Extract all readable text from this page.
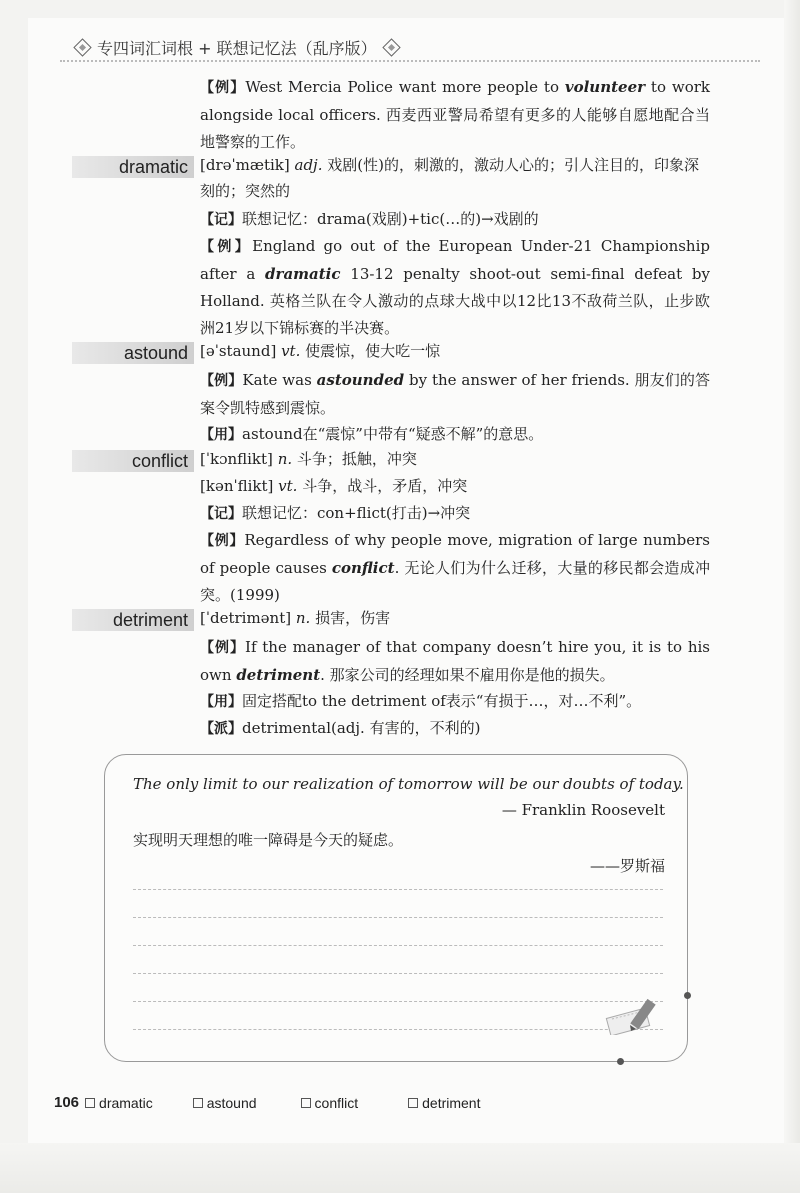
专四词汇词根 + 联想记忆法（乱序版）
【例】West Mercia Police want more people to volunteer to work alongside local officers. 西麦西亚警局希望有更多的人能够自愿地配合当地警察的工作。
dramatic [drəˈmætik] adj. 戏剧(性)的，刺激的，激动人心的；引人注目的，印象深刻的；突然的
【记】联想记忆：drama(戏剧)+tic(…的)→戏剧的
【例】England go out of the European Under-21 Championship after a dramatic 13-12 penalty shoot-out semi-final defeat by Holland. 英格兰队在令人激动的点球大战中以12比13不敌荷兰队，止步欧洲21岁以下锦标赛的半决赛。
astound [əˈstaund] vt. 使震惊，使大吃一惊
【例】Kate was astounded by the answer of her friends. 朋友们的答案令凯特感到震惊。
【用】astound在“震惊”中带有“疑惑不解”的意思。
conflict [ˈkɔnflikt] n. 斗争；抵触，冲突
[kənˈflikt] vt. 斗争，战斗，矛盾，冲突
【记】联想记忆：con+flict(打击)→冲突
【例】Regardless of why people move, migration of large numbers of people causes conflict. 无论人们为什么迁移，大量的移民都会造成冲突。(1999)
detriment [ˈdetrimənt] n. 损害，伤害
【例】If the manager of that company doesn’t hire you, it is to his own detriment. 那家公司的经理如果不雇用你是他的损失。
【用】固定搭配to the detriment of表示“有损于…，对…不利”。
【派】detrimental(adj. 有害的，不利的)
The only limit to our realization of tomorrow will be our doubts of today.
— Franklin Roosevelt
实现明天理想的唯一障碍是今天的疑虑。
——罗斯福
106 dramatic	astound	conflict	detriment
